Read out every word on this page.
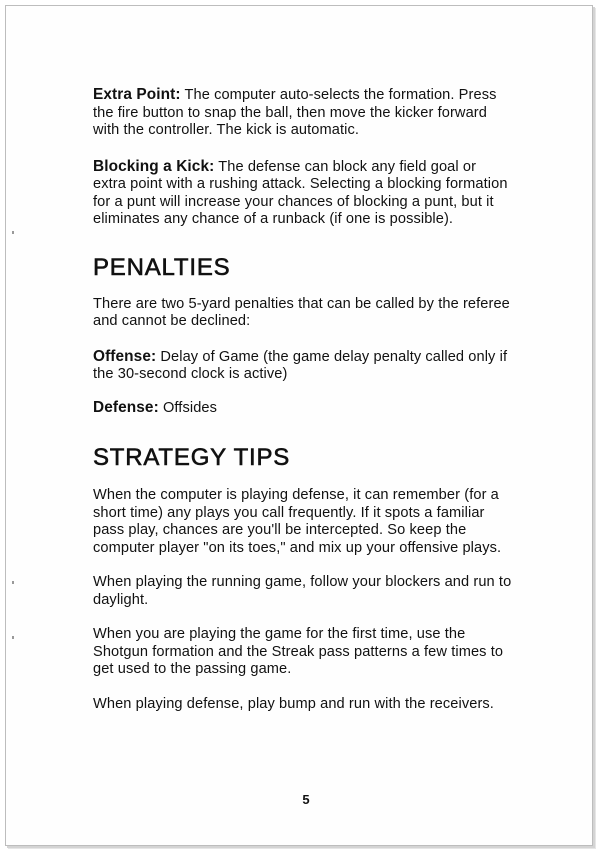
Extra Point: The computer auto-selects the formation. Press the fire button to snap the ball, then move the kicker forward with the controller. The kick is automatic.

Blocking a Kick: The defense can block any field goal or extra point with a rushing attack. Selecting a blocking formation for a punt will increase your chances of blocking a punt, but it eliminates any chance of a runback (if one is possible).

PENALTIES

There are two 5-yard penalties that can be called by the referee and cannot be declined:

Offense: Delay of Game (the game delay penalty called only if the 30-second clock is active)

Defense: Offsides

STRATEGY TIPS

When the computer is playing defense, it can remember (for a short time) any plays you call frequently. If it spots a familiar pass play, chances are you'll be intercepted. So keep the computer player "on its toes," and mix up your offensive plays.

When playing the running game, follow your blockers and run to daylight.

When you are playing the game for the first time, use the Shotgun formation and the Streak pass patterns a few times to get used to the passing game.

When playing defense, play bump and run with the receivers.

5
